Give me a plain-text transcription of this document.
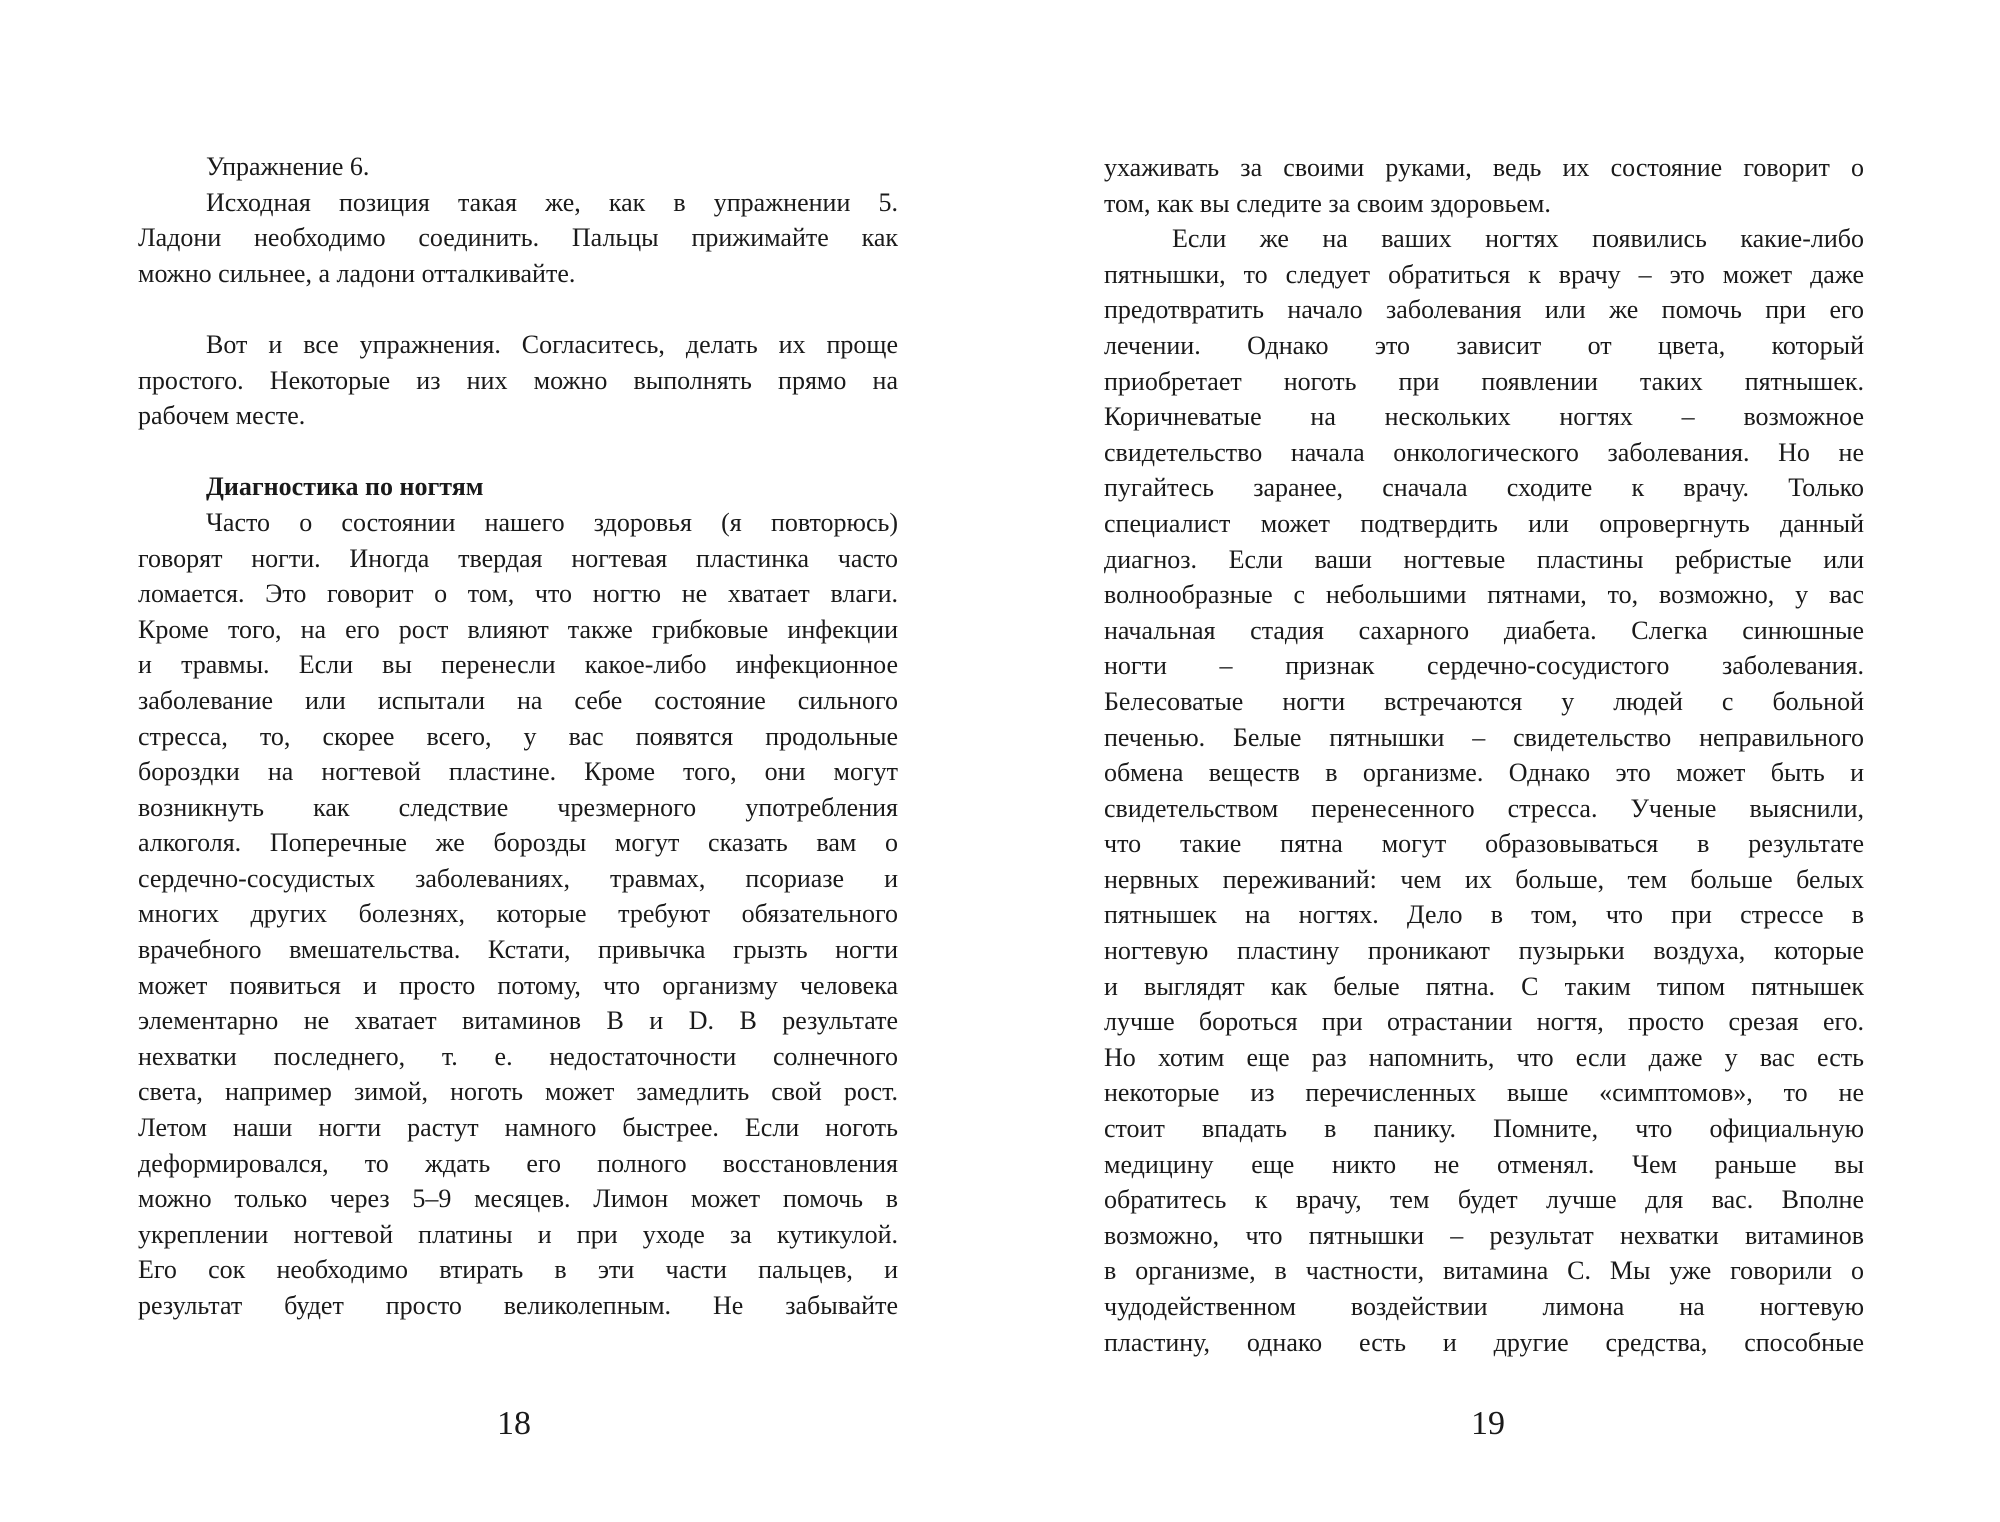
Упражнение 6.
Исходная позиция такая же, как в упражнении 5.
Ладони необходимо соединить. Пальцы прижимайте как
можно сильнее, а ладони отталкивайте.
Вот и все упражнения. Согласитесь, делать их проще
простого. Некоторые из них можно выполнять прямо на
рабочем месте.
Диагностика по ногтям
Часто о состоянии нашего здоровья (я повторюсь)
говорят ногти. Иногда твердая ногтевая пластинка часто
ломается. Это говорит о том, что ногтю не хватает влаги.
Кроме того, на его рост влияют также грибковые инфекции
и травмы. Если вы перенесли какое-либо инфекционное
заболевание или испытали на себе состояние сильного
стресса, то, скорее всего, у вас появятся продольные
бороздки на ногтевой пластине. Кроме того, они могут
возникнуть как следствие чрезмерного употребления
алкоголя. Поперечные же борозды могут сказать вам о
сердечно-сосудистых заболеваниях, травмах, псориазе и
многих других болезнях, которые требуют обязательного
врачебного вмешательства. Кстати, привычка грызть ногти
может появиться и просто потому, что организму человека
элементарно не хватает витаминов В и D. В результате
нехватки последнего, т. е. недостаточности солнечного
света, например зимой, ноготь может замедлить свой рост.
Летом наши ногти растут намного быстрее. Если ноготь
деформировался, то ждать его полного восстановления
можно только через 5–9 месяцев. Лимон может помочь в
укреплении ногтевой платины и при уходе за кутикулой.
Его сок необходимо втирать в эти части пальцев, и
результат будет просто великолепным. Не забывайте
18
ухаживать за своими руками, ведь их состояние говорит о
том, как вы следите за своим здоровьем.
Если же на ваших ногтях появились какие-либо
пятнышки, то следует обратиться к врачу – это может даже
предотвратить начало заболевания или же помочь при его
лечении. Однако это зависит от цвета, который
приобретает ноготь при появлении таких пятнышек.
Коричневатые на нескольких ногтях – возможное
свидетельство начала онкологического заболевания. Но не
пугайтесь заранее, сначала сходите к врачу. Только
специалист может подтвердить или опровергнуть данный
диагноз. Если ваши ногтевые пластины ребристые или
волнообразные с небольшими пятнами, то, возможно, у вас
начальная стадия сахарного диабета. Слегка синюшные
ногти – признак сердечно-сосудистого заболевания.
Белесоватые ногти встречаются у людей с больной
печенью. Белые пятнышки – свидетельство неправильного
обмена веществ в организме. Однако это может быть и
свидетельством перенесенного стресса. Ученые выяснили,
что такие пятна могут образовываться в результате
нервных переживаний: чем их больше, тем больше белых
пятнышек на ногтях. Дело в том, что при стрессе в
ногтевую пластину проникают пузырьки воздуха, которые
и выглядят как белые пятна. С таким типом пятнышек
лучше бороться при отрастании ногтя, просто срезая его.
Но хотим еще раз напомнить, что если даже у вас есть
некоторые из перечисленных выше «симптомов», то не
стоит впадать в панику. Помните, что официальную
медицину еще никто не отменял. Чем раньше вы
обратитесь к врачу, тем будет лучше для вас. Вполне
возможно, что пятнышки – результат нехватки витаминов
в организме, в частности, витамина С. Мы уже говорили о
чудодейственном воздействии лимона на ногтевую
пластину, однако есть и другие средства, способные
19
